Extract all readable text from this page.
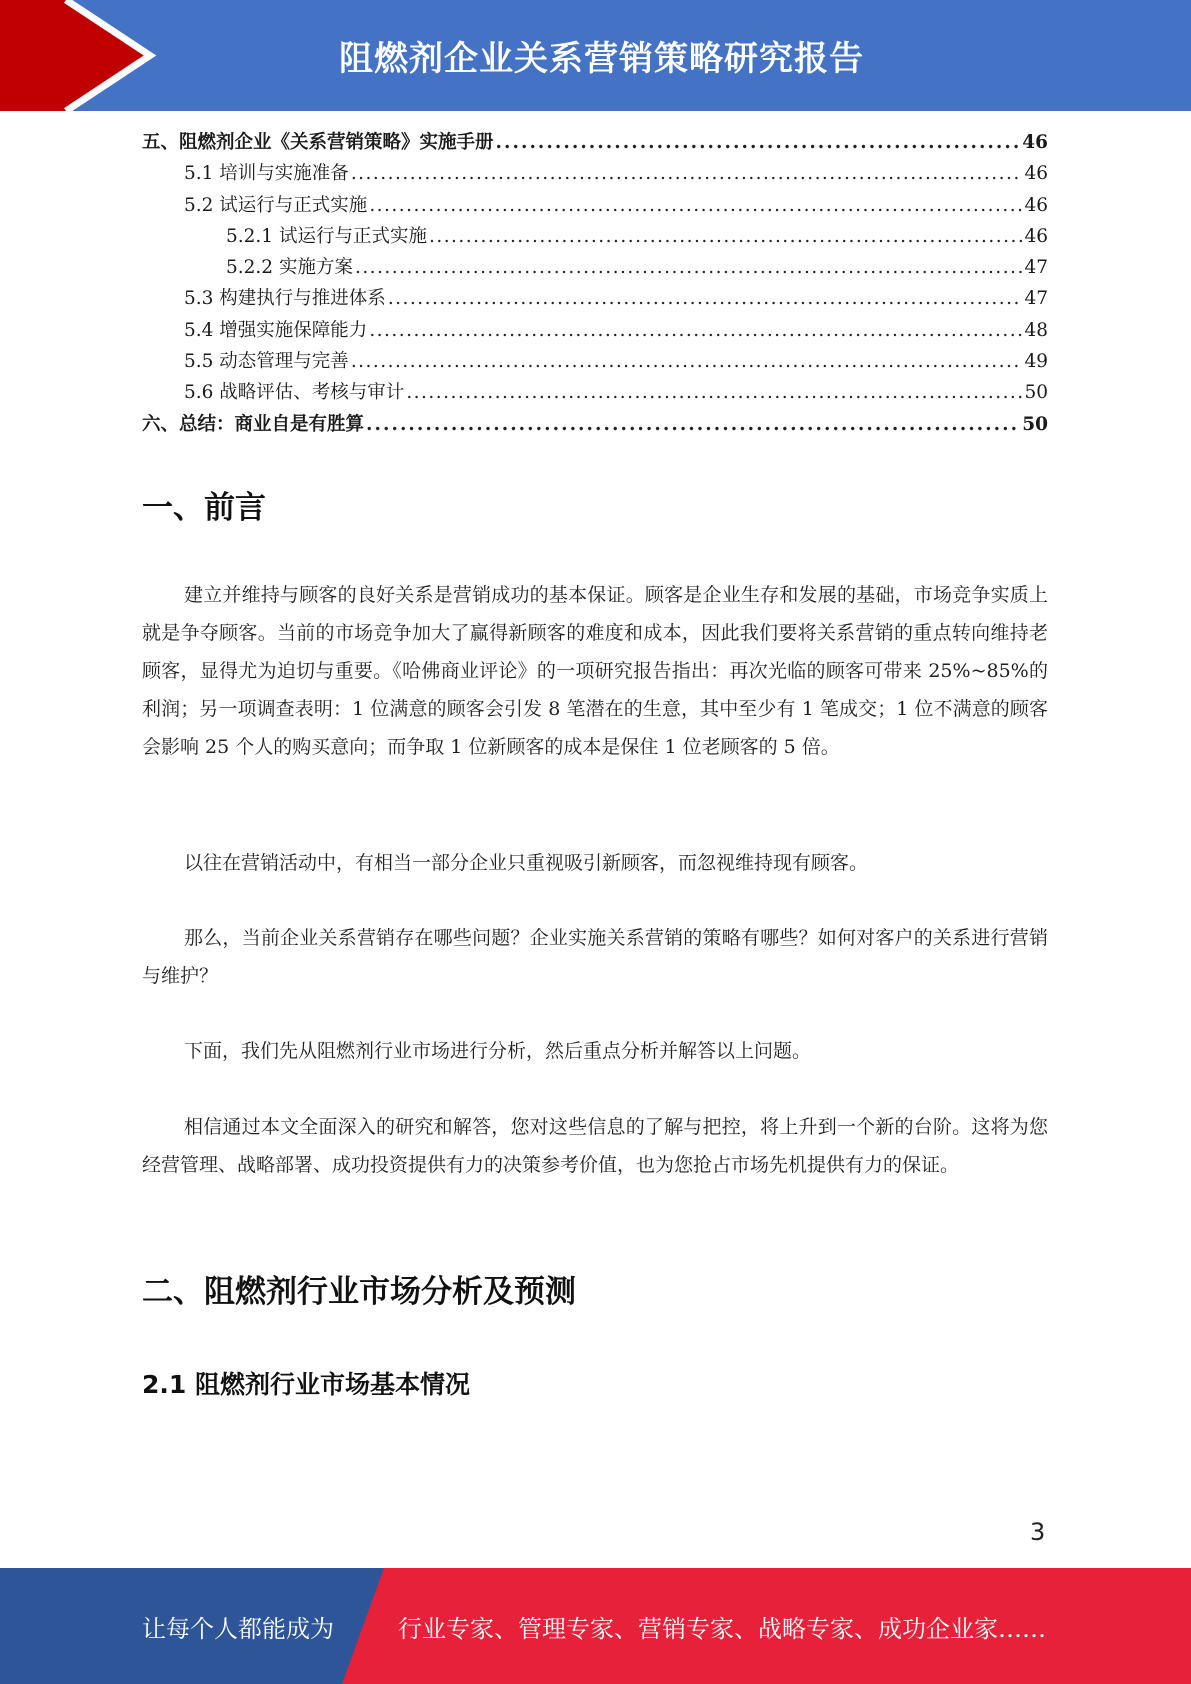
阻燃剂企业关系营销策略研究报告
五、阻燃剂企业《关系营销策略》实施手册 . . .	46
5.1 培训与实施准备 . . .	46
5.2 试运行与正式实施 . . .	46
5.2.1 试运行与正式实施 . . .	46
5.2.2 实施方案 . . .	47
5.3 构建执行与推进体系 . . .	47
5.4 增强实施保障能力 . . .	48
5.5 动态管理与完善 . . .	49
5.6 战略评估、考核与审计 . . .	50
六、总结：商业自是有胜算 . . .	50
一、前言

建立并维持与顾客的良好关系是营销成功的基本保证。顾客是企业生存和发展的基础，市场竞争实质上就是争夺顾客。当前的市场竞争加大了赢得新顾客的难度和成本，因此我们要将关系营销的重点转向维持老顾客，显得尤为迫切与重要。《哈佛商业评论》的一项研究报告指出：再次光临的顾客可带来 25%~85%的利润；另一项调查表明：1 位满意的顾客会引发 8 笔潜在的生意，其中至少有 1 笔成交；1 位不满意的顾客会影响 25 个人的购买意向；而争取 1 位新顾客的成本是保住 1 位老顾客的 5 倍。

以往在营销活动中，有相当一部分企业只重视吸引新顾客，而忽视维持现有顾客。

那么，当前企业关系营销存在哪些问题？企业实施关系营销的策略有哪些？如何对客户的关系进行营销与维护？

下面，我们先从阻燃剂行业市场进行分析，然后重点分析并解答以上问题。

相信通过本文全面深入的研究和解答，您对这些信息的了解与把控，将上升到一个新的台阶。这将为您经营管理、战略部署、成功投资提供有力的决策参考价值，也为您抢占市场先机提供有力的保证。

二、阻燃剂行业市场分析及预测
2.1 阻燃剂行业市场基本情况
3
让每个人都能成为	行业专家、管理专家、营销专家、战略专家、成功企业家……
